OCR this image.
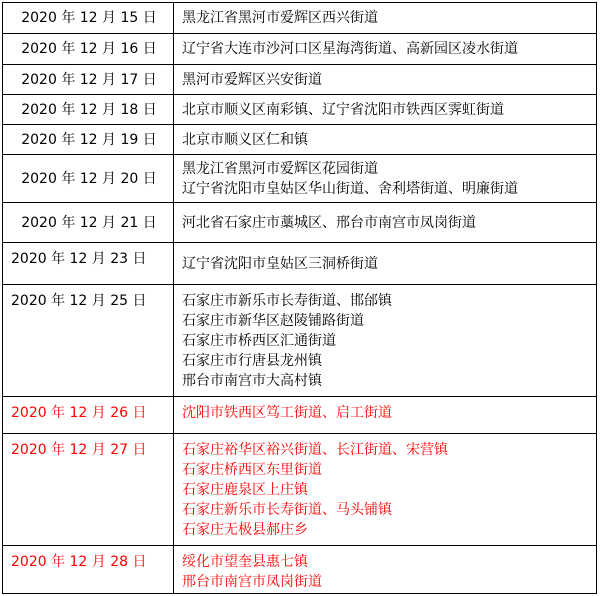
2020 年 12 月 15 日	黑龙江省黑河市爱辉区西兴街道

2020 年 12 月 16 日	辽宁省大连市沙河口区星海湾街道、高新园区凌水街道

2020 年 12 月 17 日	黑河市爱辉区兴安街道

2020 年 12 月 18 日	北京市顺义区南彩镇、辽宁省沈阳市铁西区霁虹街道

2020 年 12 月 19 日	北京市顺义区仁和镇

2020 年 12 月 20 日	黑龙江省黑河市爱辉区花园街道
辽宁省沈阳市皇姑区华山街道、舍利塔街道、明廉街道

2020 年 12 月 21 日	河北省石家庄市藁城区、邢台市南宫市凤岗街道

2020 年 12 月 23 日	辽宁省沈阳市皇姑区三洞桥街道

2020 年 12 月 25 日	石家庄市新乐市长寿街道、邯邰镇
石家庄市新华区赵陵铺路街道
石家庄市桥西区汇通街道
石家庄市行唐县龙州镇
邢台市南宫市大高村镇

2020 年 12 月 26 日	沈阳市铁西区笃工街道、启工街道

2020 年 12 月 27 日	石家庄裕华区裕兴街道、长江街道、宋营镇
石家庄桥西区东里街道
石家庄鹿泉区上庄镇
石家庄新乐市长寿街道、马头铺镇
石家庄无极县郝庄乡

2020 年 12 月 28 日	绥化市望奎县惠七镇
邢台市南宫市凤岗街道
